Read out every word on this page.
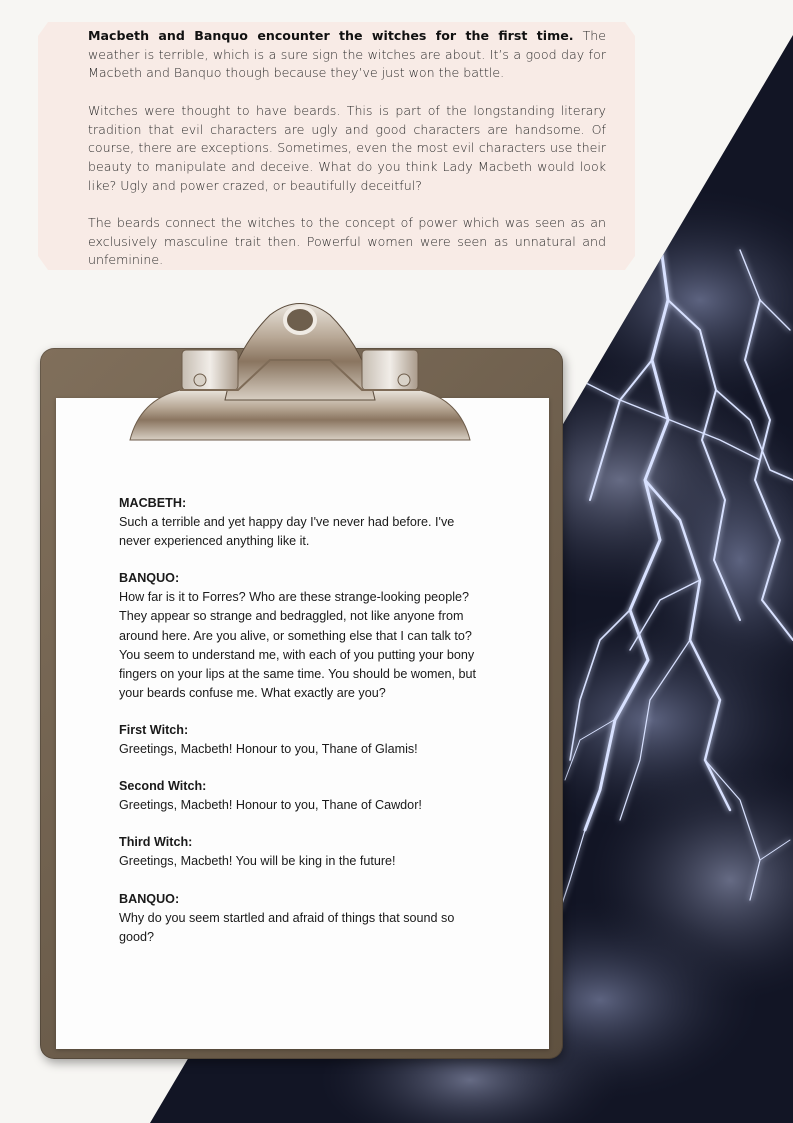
Macbeth and Banquo encounter the witches for the first time. The weather is terrible, which is a sure sign the witches are about. It’s a good day for Macbeth and Banquo though because they’ve just won the battle.

Witches were thought to have beards. This is part of the longstanding literary tradition that evil characters are ugly and good characters are handsome. Of course, there are exceptions. Sometimes, even the most evil characters use their beauty to manipulate and deceive. What do you think Lady Macbeth would look like? Ugly and power crazed, or beautifully deceitful?

The beards connect the witches to the concept of power which was seen as an exclusively masculine trait then. Powerful women were seen as unnatural and unfeminine.

MACBETH:
Such a terrible and yet happy day I've never had before. I've
never experienced anything like it.
BANQUO:
How far is it to Forres? Who are these strange-looking people?
They appear so strange and bedraggled, not like anyone from
around here. Are you alive, or something else that I can talk to?
You seem to understand me, with each of you putting your bony
fingers on your lips at the same time. You should be women, but
your beards confuse me. What exactly are you?
First Witch:
Greetings, Macbeth! Honour to you, Thane of Glamis!
Second Witch:
Greetings, Macbeth! Honour to you, Thane of Cawdor!
Third Witch:
Greetings, Macbeth! You will be king in the future!
BANQUO:
Why do you seem startled and afraid of things that sound so
good?
